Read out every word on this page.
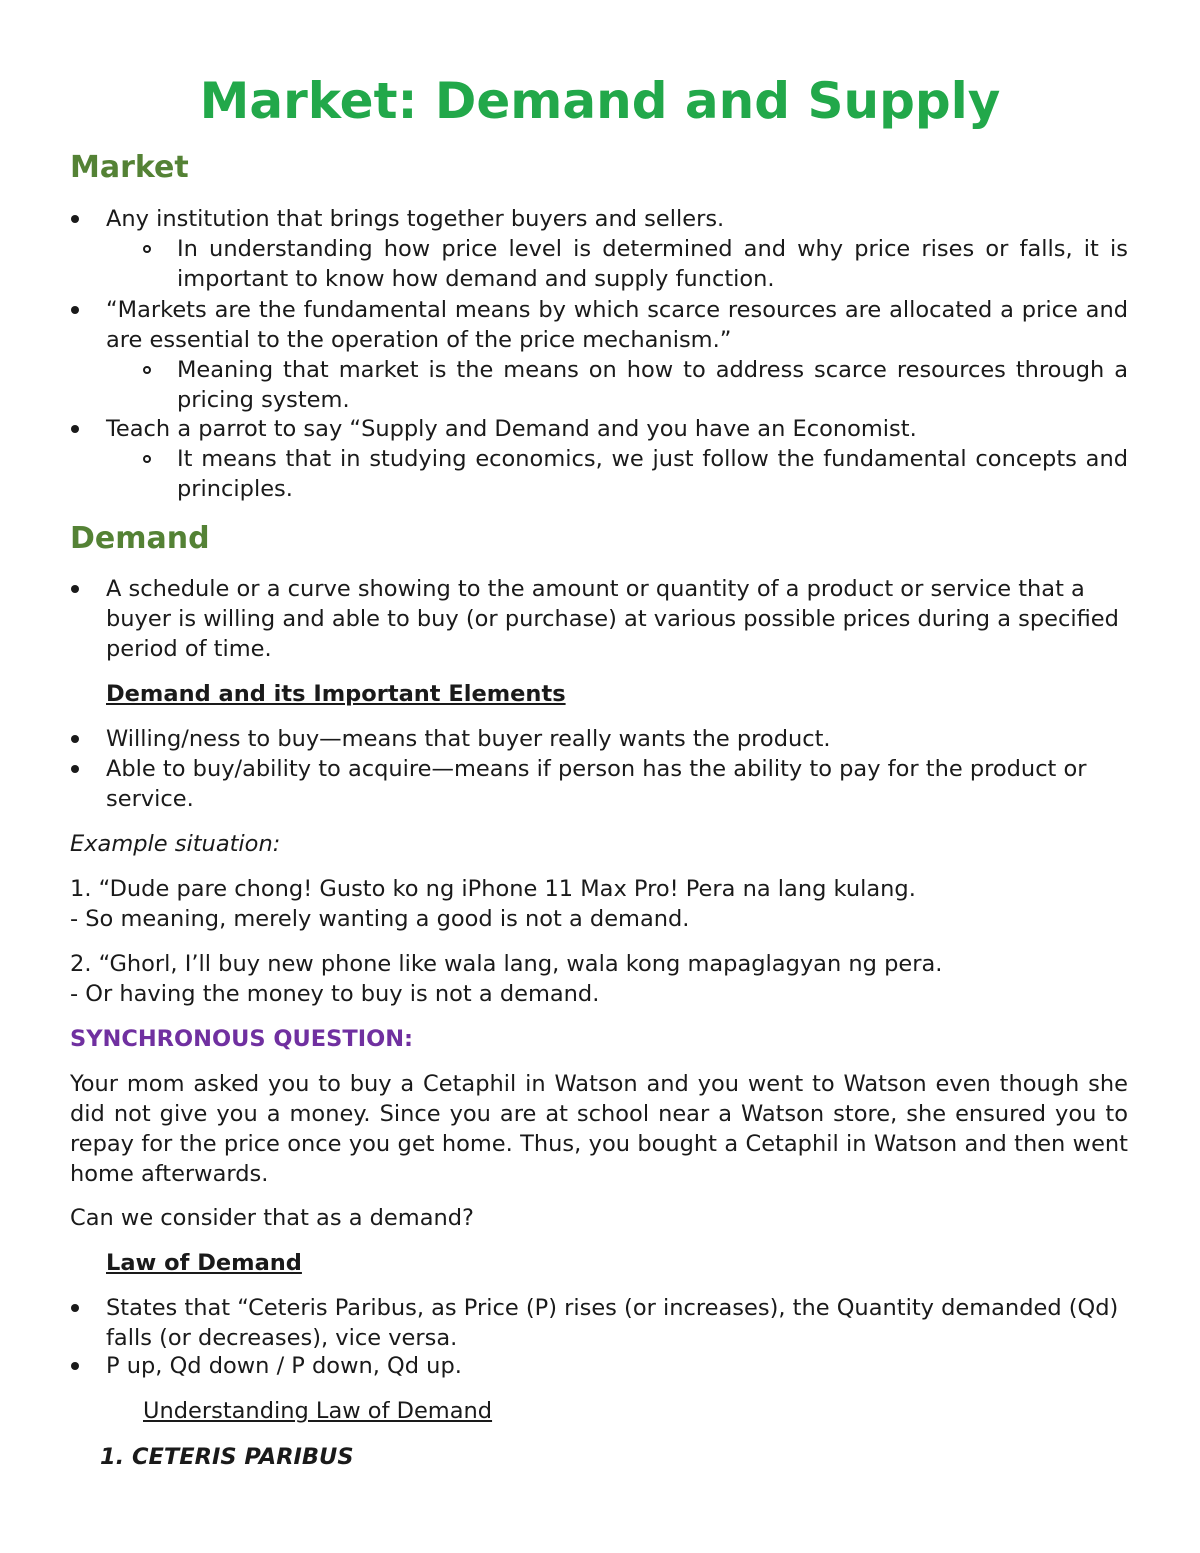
Market: Demand and Supply
Market

Any institution that brings together buyers and sellers.

In understanding how price level is determined and why price rises or falls, it is important to know how demand and supply function.

“Markets are the fundamental means by which scarce resources are allocated a price and are essential to the operation of the price mechanism.”

Meaning that market is the means on how to address scarce resources through a pricing system.

Teach a parrot to say “Supply and Demand and you have an Economist.

It means that in studying economics, we just follow the fundamental concepts and principles.

Demand

A schedule or a curve showing to the amount or quantity of a product or service that a buyer is willing and able to buy (or purchase) at various possible prices during a specified period of time.

Demand and its Important Elements

Willing/ness to buy—means that buyer really wants the product.

Able to buy/ability to acquire—means if person has the ability to pay for the product or service.

Example situation:

1. “Dude pare chong! Gusto ko ng iPhone 11 Max Pro! Pera na lang kulang.

- So meaning, merely wanting a good is not a demand.

2. “Ghorl, I’ll buy new phone like wala lang, wala kong mapaglagyan ng pera.

- Or having the money to buy is not a demand.

SYNCHRONOUS QUESTION:

Your mom asked you to buy a Cetaphil in Watson and you went to Watson even though she did not give you a money. Since you are at school near a Watson store, she ensured you to repay for the price once you get home. Thus, you bought a Cetaphil in Watson and then went home afterwards.

Can we consider that as a demand?

Law of Demand

States that “Ceteris Paribus, as Price (P) rises (or increases), the Quantity demanded (Qd) falls (or decreases), vice versa.

P up, Qd down / P down, Qd up.

Understanding Law of Demand

1. CETERIS PARIBUS
